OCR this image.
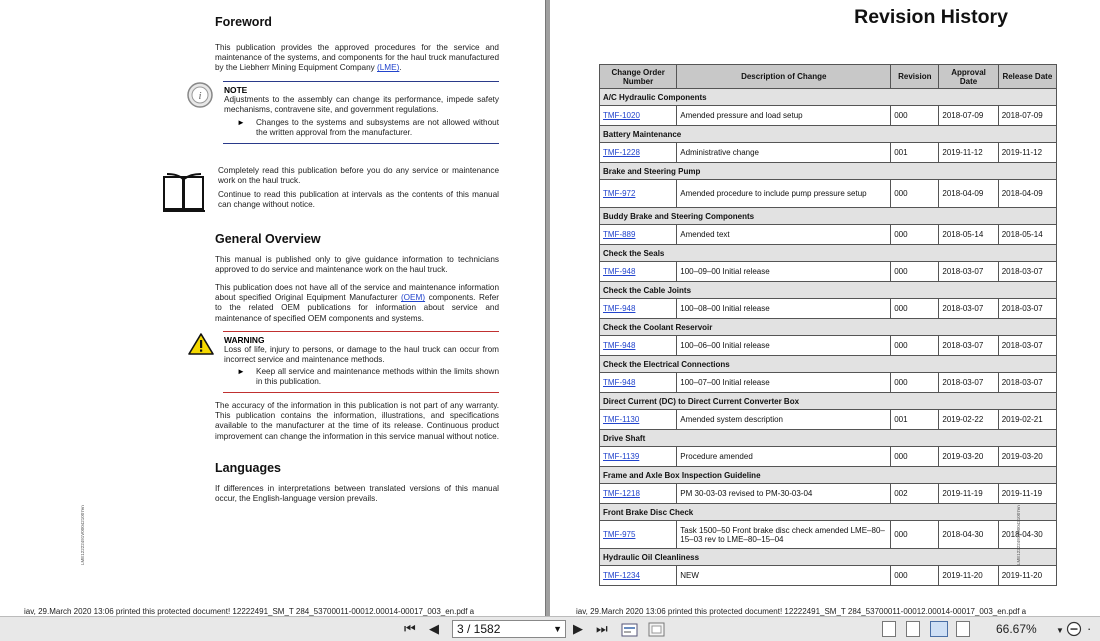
Foreword
This publication provides the approved procedures for the service and maintenance of the systems, and components for the haul truck manufactured by the Liebherr Mining Equipment Company (LME).
i	NOTE
Adjustments to the assembly can change its performance, impede safety mechanisms, contravene site, and government regulations.
► Changes to the systems and subsystems are not allowed without the written approval from the manufacturer.
Completely read this publication before you do any service or maintenance work on the haul truck.
Continue to read this publication at intervals as the contents of this manual can change without notice.
General Overview
This manual is published only to give guidance information to technicians approved to do service and maintenance work on the haul truck.
This publication does not have all of the service and maintenance information about specified Original Equipment Manufacturer (OEM) components. Refer to the related OEM publications for information about service and maintenance of specified OEM components and systems.
WARNING
Loss of life, injury to persons, or damage to the haul truck can occur from incorrect service and maintenance methods.
► Keep all service and maintenance methods within the limits shown in this publication.
The accuracy of the information in this publication is not part of any warranty. This publication contains the information, illustrations, and specifications available to the manufacturer at the time of its release. Continuous product improvement can change the information in this service manual without notice.
Languages
If differences in interpretations between translated versions of this manual occur, the English-language version prevails.
LME12222491V000421007en
iav, 29.March 2020 13:06 printed this protected document! 12222491_SM_T 284_53700011-00012.00014-00017_003_en.pdf a
Revision History
Change Order Number	Description of Change	Revision	Approval Date	Release Date
A/C Hydraulic Components				
TMF-1020	Amended pressure and load setup	000	2018-07-09	2018-07-09
Battery Maintenance				
TMF-1228	Administrative change	001	2019-11-12	2019-11-12
Brake and Steering Pump				
TMF-972	Amended procedure to include pump pressure setup	000	2018-04-09	2018-04-09
Buddy Brake and Steering Components				
TMF-889	Amended text	000	2018-05-14	2018-05-14
Check the Seals				
TMF-948	100–09–00 Initial release	000	2018-03-07	2018-03-07
Check the Cable Joints				
TMF-948	100–08–00 Initial release	000	2018-03-07	2018-03-07
Check the Coolant Reservoir				
TMF-948	100–06–00 Initial release	000	2018-03-07	2018-03-07
Check the Electrical Connections				
TMF-948	100–07–00 Initial release	000	2018-03-07	2018-03-07
Direct Current (DC) to Direct Current Converter Box				
TMF-1130	Amended system description	001	2019-02-22	2019-02-21
Drive Shaft				
TMF-1139	Procedure amended	000	2019-03-20	2019-03-20
Frame and Axle Box Inspection Guideline				
TMF-1218	PM 30-03-03 revised to PM-30-03-04	002	2019-11-19	2019-11-19
Front Brake Disc Check				
TMF-975	Task 1500–50 Front brake disc check amended LME–80–15–03 rev to LME–80–15–04	000	2018-04-30	2018-04-30
Hydraulic Oil Cleanliness				
TMF-1234	NEW	000	2019-11-20	2019-11-20
LME12222491V000421007en
iav, 29.March 2020 13:06 printed this protected document! 12222491_SM_T 284_53700011-00012.00014-00017_003_en.pdf a
⏮ ◀	3 / 1582	▼ ▶ ⏭	66.67% ▼ ·
